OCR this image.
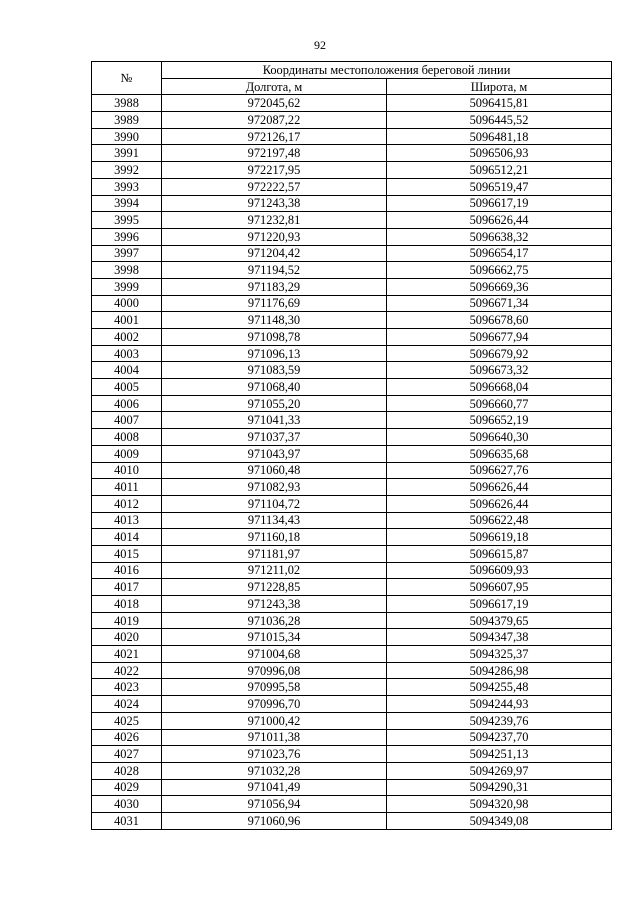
92
№	Координаты местоположения береговой линии	
	Долгота, м	Широта, м
3988	972045,62	5096415,81
3989	972087,22	5096445,52
3990	972126,17	5096481,18
3991	972197,48	5096506,93
3992	972217,95	5096512,21
3993	972222,57	5096519,47
3994	971243,38	5096617,19
3995	971232,81	5096626,44
3996	971220,93	5096638,32
3997	971204,42	5096654,17
3998	971194,52	5096662,75
3999	971183,29	5096669,36
4000	971176,69	5096671,34
4001	971148,30	5096678,60
4002	971098,78	5096677,94
4003	971096,13	5096679,92
4004	971083,59	5096673,32
4005	971068,40	5096668,04
4006	971055,20	5096660,77
4007	971041,33	5096652,19
4008	971037,37	5096640,30
4009	971043,97	5096635,68
4010	971060,48	5096627,76
4011	971082,93	5096626,44
4012	971104,72	5096626,44
4013	971134,43	5096622,48
4014	971160,18	5096619,18
4015	971181,97	5096615,87
4016	971211,02	5096609,93
4017	971228,85	5096607,95
4018	971243,38	5096617,19
4019	971036,28	5094379,65
4020	971015,34	5094347,38
4021	971004,68	5094325,37
4022	970996,08	5094286,98
4023	970995,58	5094255,48
4024	970996,70	5094244,93
4025	971000,42	5094239,76
4026	971011,38	5094237,70
4027	971023,76	5094251,13
4028	971032,28	5094269,97
4029	971041,49	5094290,31
4030	971056,94	5094320,98
4031	971060,96	5094349,08
